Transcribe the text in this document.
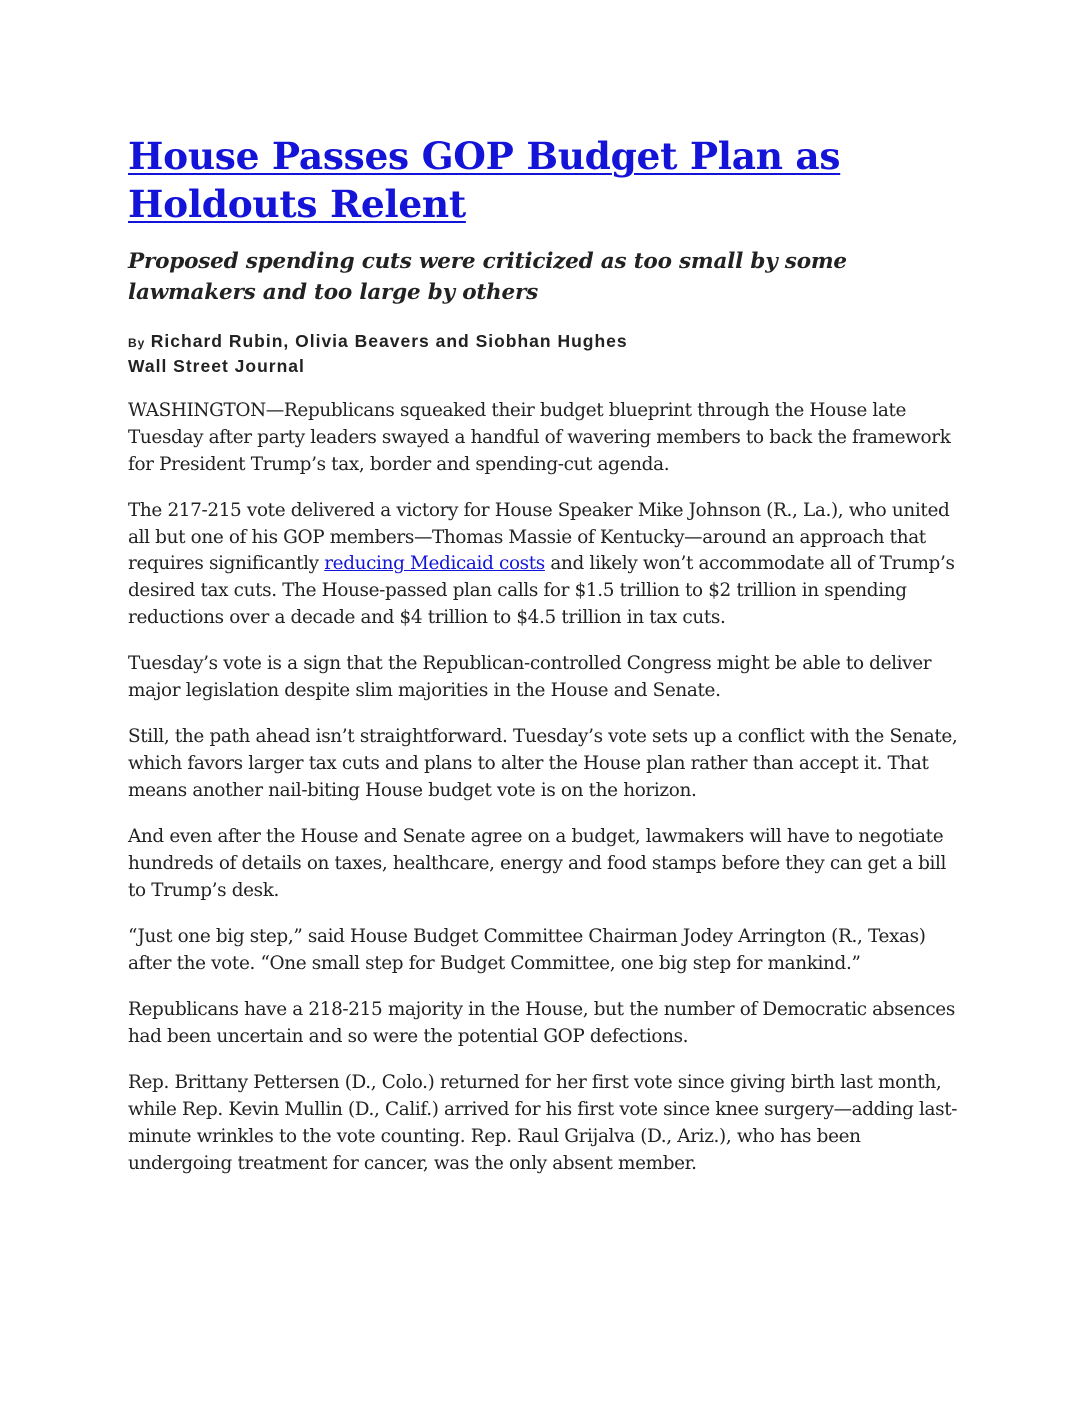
House Passes GOP Budget Plan as Holdouts Relent
Proposed spending cuts were criticized as too small by some lawmakers and too large by others
By Richard Rubin, Olivia Beavers and Siobhan Hughes
Wall Street Journal

WASHINGTON—Republicans squeaked their budget blueprint through the House late Tuesday after party leaders swayed a handful of wavering members to back the framework for President Trump’s tax, border and spending-cut agenda.

The 217-215 vote delivered a victory for House Speaker Mike Johnson (R., La.), who united all but one of his GOP members—Thomas Massie of Kentucky—around an approach that requires significantly reducing Medicaid costs and likely won’t accommodate all of Trump’s desired tax cuts. The House-passed plan calls for $1.5 trillion to $2 trillion in spending reductions over a decade and $4 trillion to $4.5 trillion in tax cuts.

Tuesday’s vote is a sign that the Republican-controlled Congress might be able to deliver major legislation despite slim majorities in the House and Senate.

Still, the path ahead isn’t straightforward. Tuesday’s vote sets up a conflict with the Senate, which favors larger tax cuts and plans to alter the House plan rather than accept it. That means another nail-biting House budget vote is on the horizon.

And even after the House and Senate agree on a budget, lawmakers will have to negotiate hundreds of details on taxes, healthcare, energy and food stamps before they can get a bill to Trump’s desk.

“Just one big step,” said House Budget Committee Chairman Jodey Arrington (R., Texas) after the vote. “One small step for Budget Committee, one big step for mankind.”

Republicans have a 218-215 majority in the House, but the number of Democratic absences had been uncertain and so were the potential GOP defections.

Rep. Brittany Pettersen (D., Colo.) returned for her first vote since giving birth last month, while Rep. Kevin Mullin (D., Calif.) arrived for his first vote since knee surgery—adding last-minute wrinkles to the vote counting. Rep. Raul Grijalva (D., Ariz.), who has been undergoing treatment for cancer, was the only absent member.
